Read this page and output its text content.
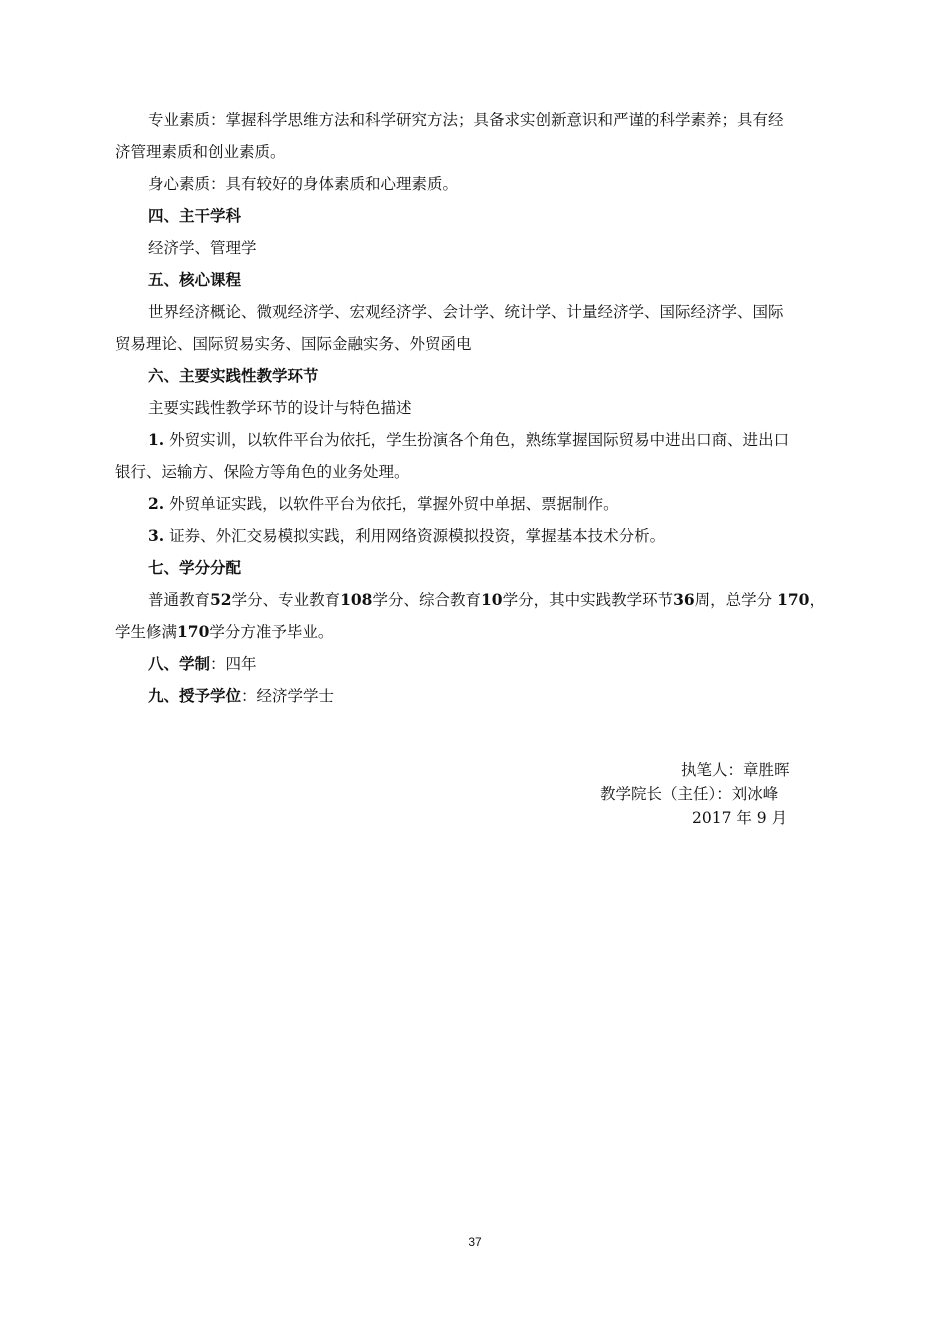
专业素质：掌握科学思维方法和科学研究方法；具备求实创新意识和严谨的科学素养；具有经
济管理素质和创业素质。
身心素质：具有较好的身体素质和心理素质。
四、主干学科
经济学、管理学
五、核心课程
世界经济概论、微观经济学、宏观经济学、会计学、统计学、计量经济学、国际经济学、国际
贸易理论、国际贸易实务、国际金融实务、外贸函电
六、主要实践性教学环节
主要实践性教学环节的设计与特色描述
1. 外贸实训，以软件平台为依托，学生扮演各个角色，熟练掌握国际贸易中进出口商、进出口
银行、运输方、保险方等角色的业务处理。
2. 外贸单证实践，以软件平台为依托，掌握外贸中单据、票据制作。
3. 证券、外汇交易模拟实践，利用网络资源模拟投资，掌握基本技术分析。
七、学分分配
普通教育52学分、专业教育108学分、综合教育10学分，其中实践教学环节36周，总学分 170，
学生修满170学分方准予毕业。
八、学制：四年
九、授予学位：经济学学士
执笔人：章胜晖
教学院长（主任）：刘冰峰
2017 年 9 月
37
